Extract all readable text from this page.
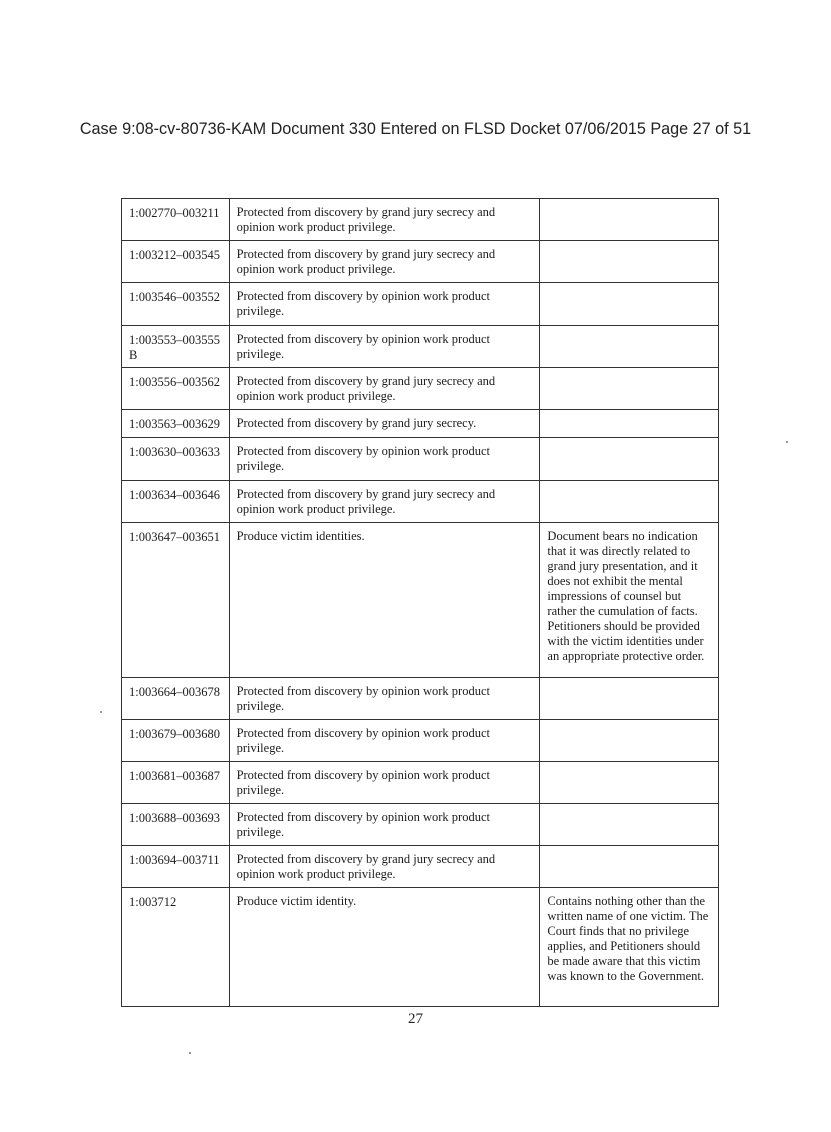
Case 9:08-cv-80736-KAM Document 330 Entered on FLSD Docket 07/06/2015 Page 27 of 51
1:002770–003211	Protected from discovery by grand jury secrecy and opinion work product privilege.	
1:003212–003545	Protected from discovery by grand jury secrecy and opinion work product privilege.	
1:003546–003552	Protected from discovery by opinion work product privilege.	
1:003553–003555 B	Protected from discovery by opinion work product privilege.	
1:003556–003562	Protected from discovery by grand jury secrecy and opinion work product privilege.	
1:003563–003629	Protected from discovery by grand jury secrecy.	
1:003630–003633	Protected from discovery by opinion work product privilege.	
1:003634–003646	Protected from discovery by grand jury secrecy and opinion work product privilege.	
1:003647–003651	Produce victim identities.	Document bears no indication that it was directly related to grand jury presentation, and it does not exhibit the mental impressions of counsel but rather the cumulation of facts. Petitioners should be provided with the victim identities under an appropriate protective order.
1:003664–003678	Protected from discovery by opinion work product privilege.	
1:003679–003680	Protected from discovery by opinion work product privilege.	
1:003681–003687	Protected from discovery by opinion work product privilege.	
1:003688–003693	Protected from discovery by opinion work product privilege.	
1:003694–003711	Protected from discovery by grand jury secrecy and opinion work product privilege.	
1:003712	Produce victim identity.	Contains nothing other than the written name of one victim. The Court finds that no privilege applies, and Petitioners should be made aware that this victim was known to the Government.
27
